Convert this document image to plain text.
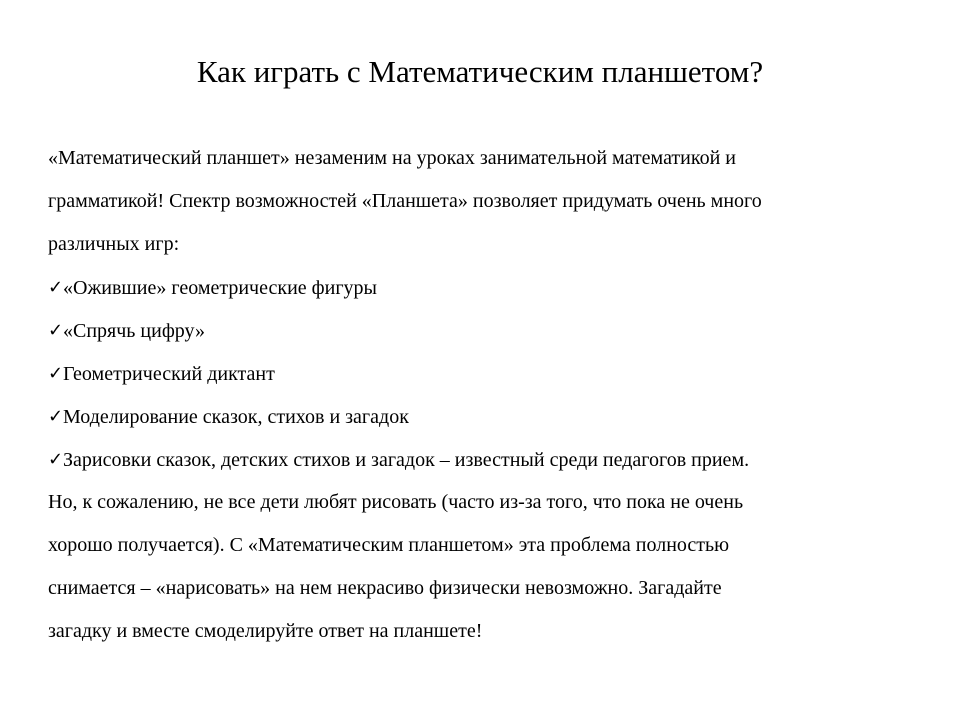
Как играть с Математическим планшетом?

«Математический планшет» незаменим на уроках занимательной математикой и
грамматикой! Спектр возможностей «Планшета» позволяет придумать очень много
различных игр:

✓«Ожившие» геометрические фигуры
✓«Спрячь цифру»
✓Геометрический диктант
✓Моделирование сказок, стихов и загадок
✓Зарисовки сказок, детских стихов и загадок – известный среди педагогов прием.

Но, к сожалению, не все дети любят рисовать (часто из-за того, что пока не очень
хорошо получается). С «Математическим планшетом» эта проблема полностью
снимается – «нарисовать» на нем некрасиво физически невозможно. Загадайте
загадку и вместе смоделируйте ответ на планшете!
